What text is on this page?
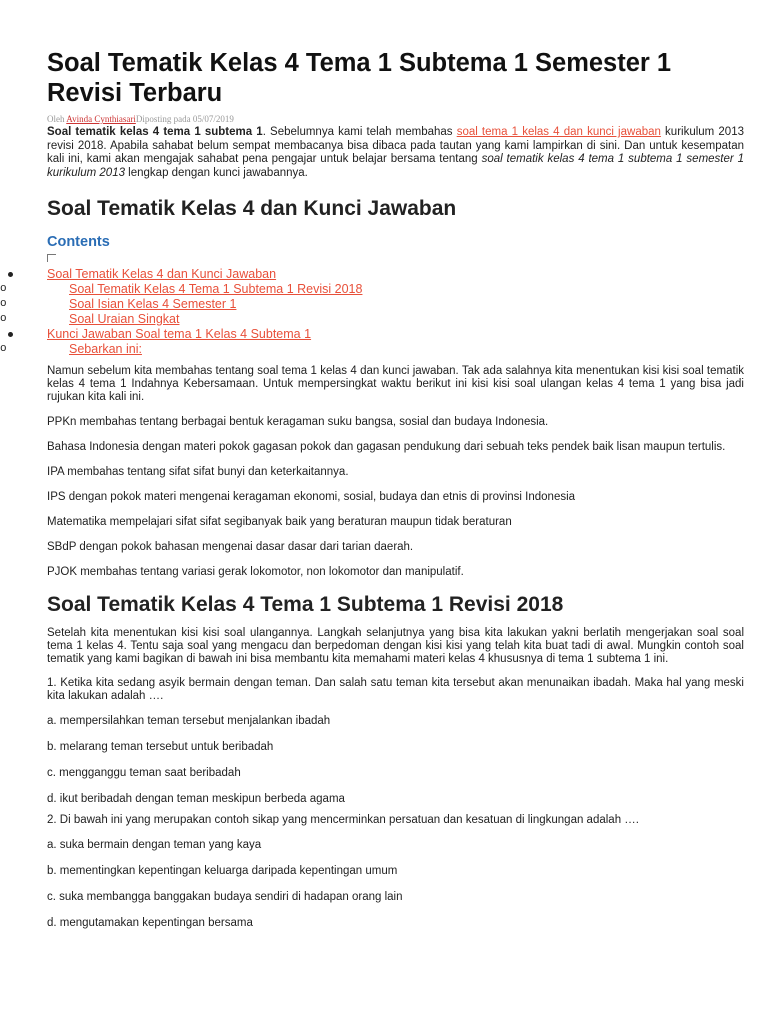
Soal Tematik Kelas 4 Tema 1 Subtema 1 Semester 1 Revisi Terbaru
Oleh Avinda CynthiasariDiposting pada 05/07/2019

Soal tematik kelas 4 tema 1 subtema 1. Sebelumnya kami telah membahas soal tema 1 kelas 4 dan kunci jawaban kurikulum 2013 revisi 2018. Apabila sahabat belum sempat membacanya bisa dibaca pada tautan yang kami lampirkan di sini. Dan untuk kesempatan kali ini, kami akan mengajak sahabat pena pengajar untuk belajar bersama tentang soal tematik kelas 4 tema 1 subtema 1 semester 1 kurikulum 2013 lengkap dengan kunci jawabannya.

Soal Tematik Kelas 4 dan Kunci Jawaban
Contents
Soal Tematik Kelas 4 dan Kunci Jawaban
o	Soal Tematik Kelas 4 Tema 1 Subtema 1 Revisi 2018
o	Soal Isian Kelas 4 Semester 1
o	Soal Uraian Singkat
Kunci Jawaban Soal tema 1 Kelas 4 Subtema 1
o	Sebarkan ini:

Namun sebelum kita membahas tentang soal tema 1 kelas 4 dan kunci jawaban. Tak ada salahnya kita menentukan kisi kisi soal tematik kelas 4 tema 1 Indahnya Kebersamaan. Untuk mempersingkat waktu berikut ini kisi kisi soal ulangan kelas 4 tema 1 yang bisa jadi rujukan kita kali ini.

PPKn membahas tentang berbagai bentuk keragaman suku bangsa, sosial dan budaya Indonesia.

Bahasa Indonesia dengan materi pokok gagasan pokok dan gagasan pendukung dari sebuah teks pendek baik lisan maupun tertulis.

IPA membahas tentang sifat sifat bunyi dan keterkaitannya.

IPS dengan pokok materi mengenai keragaman ekonomi, sosial, budaya dan etnis di provinsi Indonesia

Matematika mempelajari sifat sifat segibanyak baik yang beraturan maupun tidak beraturan

SBdP dengan pokok bahasan mengenai dasar dasar dari tarian daerah.

PJOK membahas tentang variasi gerak lokomotor, non lokomotor dan manipulatif.

Soal Tematik Kelas 4 Tema 1 Subtema 1 Revisi 2018

Setelah kita menentukan kisi kisi soal ulangannya. Langkah selanjutnya yang bisa kita lakukan yakni berlatih mengerjakan soal soal tema 1 kelas 4. Tentu saja soal yang mengacu dan berpedoman dengan kisi kisi yang telah kita buat tadi di awal. Mungkin contoh soal tematik yang kami bagikan di bawah ini bisa membantu kita memahami materi kelas 4 khususnya di tema 1 subtema 1 ini.

1. Ketika kita sedang asyik bermain dengan teman. Dan salah satu teman kita tersebut akan menunaikan ibadah. Maka hal yang meski kita lakukan adalah ….

a. mempersilahkan teman tersebut menjalankan ibadah

b. melarang teman tersebut untuk beribadah

c. mengganggu teman saat beribadah

d. ikut beribadah dengan teman meskipun berbeda agama

2. Di bawah ini yang merupakan contoh sikap yang mencerminkan persatuan dan kesatuan di lingkungan adalah ….

a. suka bermain dengan teman yang kaya

b. mementingkan kepentingan keluarga daripada kepentingan umum

c. suka membangga banggakan budaya sendiri di hadapan orang lain

d. mengutamakan kepentingan bersama
